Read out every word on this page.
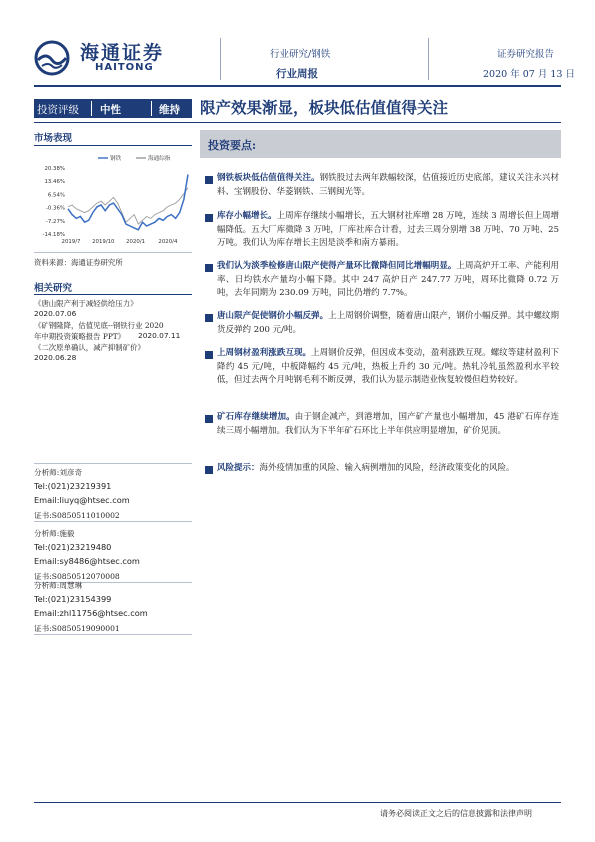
海通证券
HAITONG
行业研究/钢铁
行业周报
证券研究报告
2020 年 07 月 13 日
投资评级 中性	维持 限产效果渐显，板块低估值值得关注
市场表现
20.38%
13.46%
6.54%
-0.36%
-7.27%
-14.18%
2019/7 2019/10 2020/1 2020/4
钢铁	海通综指
资料来源：海通证券研究所
相关研究
《唐山限产利于减轻供给压力》
2020.07.06
《矿钢隆降，估值见底--钢铁行业 2020
年中期投资策略报告 PPT》 2020.07.11
《二次原单确认，减产抑制矿价》
2020.06.28
分析师:刘彦奇
Tel:(021)23219391
Email:liuyq@htsec.com
证书:S0850511010002
分析师:施毅
Tel:(021)23219480
Email:sy8486@htsec.com
证书:S0850512070008
分析师:周慧琳
Tel:(021)23154399
Email:zhl11756@htsec.com
证书:S0850519090001
投资要点:
钢铁板块低估值值得关注。钢铁股过去两年跌幅较深，估值接近历史底部，建议关注永兴材料、宝钢股份、华菱钢铁、三钢闽光等。
库存小幅增长。上周库存继续小幅增长，五大钢材社库增 28 万吨，连续 3 周增长但上周增幅降低。五大厂库微降 3 万吨，厂库社库合计看，过去三周分别增 38 万吨、70 万吨、25 万吨。我们认为库存增长主因是淡季和南方暴雨。
我们认为淡季检修唐山限产使得产量环比微降但同比增幅明显。上周高炉开工率、产能利用率、日均铁水产量均小幅下降。其中 247 高炉日产 247.77 万吨，周环比微降 0.72 万吨，去年同期为 230.09 万吨，同比仍增约 7.7%。
唐山限产促使钢价小幅反弹。上上周钢价调整，随着唐山限产，钢价小幅反弹。其中螺纹期货反弹约 200 元/吨。
上周钢材盈利涨跌互现。上周钢价反弹，但因成本变动，盈利涨跌互现。螺纹等建材盈利下降约 45 元/吨，中板降幅约 45 元/吨，热板上升约 30 元/吨。热轧冷轧虽然盈利水平较低，但过去两个月吨钢毛利不断反弹，我们认为显示制造业恢复较慢但趋势较好。
矿石库存继续增加。由于钢企减产，到港增加，国产矿产量也小幅增加，45 港矿石库存连续三周小幅增加。我们认为下半年矿石环比上半年供应明显增加，矿价见顶。
风险提示：海外疫情加重的风险、输入病例增加的风险，经济政策变化的风险。
请务必阅读正文之后的信息披露和法律声明
